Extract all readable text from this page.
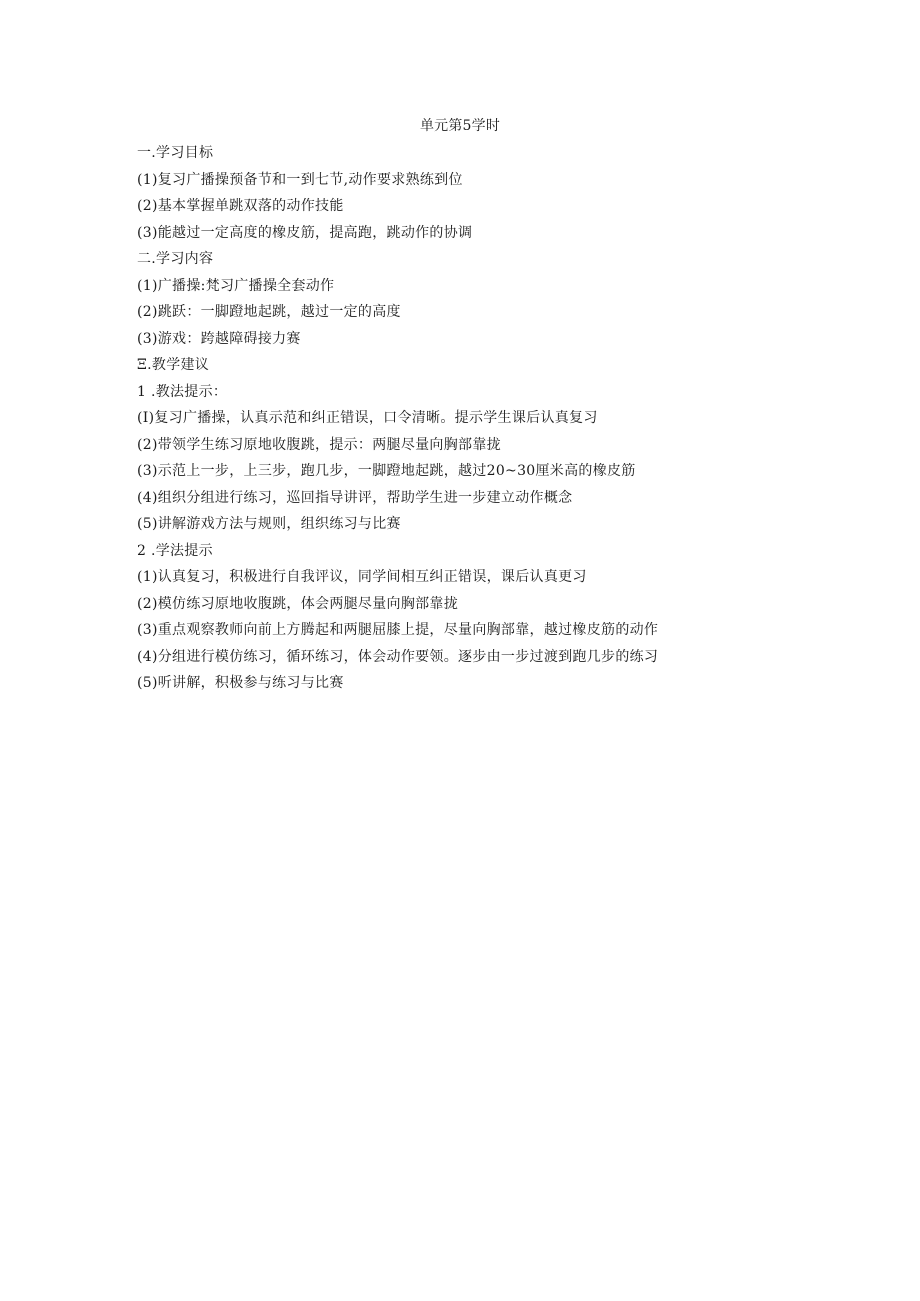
单元第5学时
一.学习目标
(1)复习广播操预备节和一到七节,动作要求熟练到位
(2)基本掌握单跳双落的动作技能
(3)能越过一定高度的橡皮筋，提高跑，跳动作的协调
二.学习内容
(1)广播操:梵习广播操全套动作
(2)跳跃：一脚蹬地起跳，越过一定的高度
(3)游戏：跨越障碍接力赛
Ξ.教学建议
1 .教法提示：
(I)复习广播操，认真示范和纠正错误，口令清晰。提示学生课后认真复习
(2)带领学生练习原地收腹跳，提示：两腿尽量向胸部靠拢
(3)示范上一步，上三步，跑几步，一脚蹬地起跳，越过20~30厘米高的橡皮筋
(4)组织分组进行练习，巡回指导讲评，帮助学生进一步建立动作概念
(5)讲解游戏方法与规则，组织练习与比赛
2 .学法提示
(1)认真复习，积极进行自我评议，同学间相互纠正错误，课后认真更习
(2)模仿练习原地收腹跳，体会两腿尽量向胸部靠拢
(3)重点观察教师向前上方腾起和两腿屈膝上提，尽量向胸部靠，越过橡皮筋的动作
(4)分组进行模仿练习，循环练习，体会动作要领。逐步由一步过渡到跑几步的练习
(5)听讲解，积极参与练习与比赛
